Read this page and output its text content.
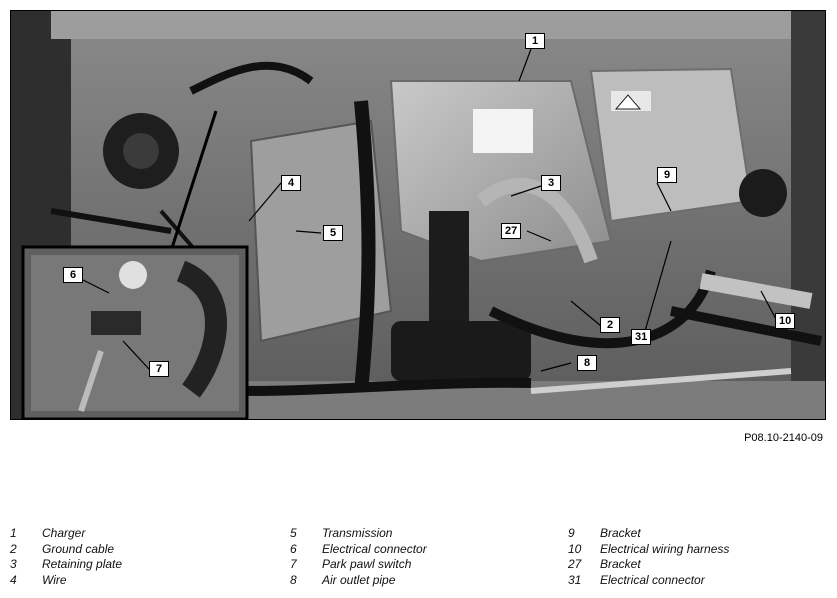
1
3
4
5
9
27
2
31
10
8
6
7
P08.10-2140-09
1 Charger
2 Ground cable
3 Retaining plate
4 Wire
5 Transmission
6 Electrical connector
7 Park pawl switch
8 Air outlet pipe
9 Bracket
10 Electrical wiring harness
27 Bracket
31 Electrical connector
